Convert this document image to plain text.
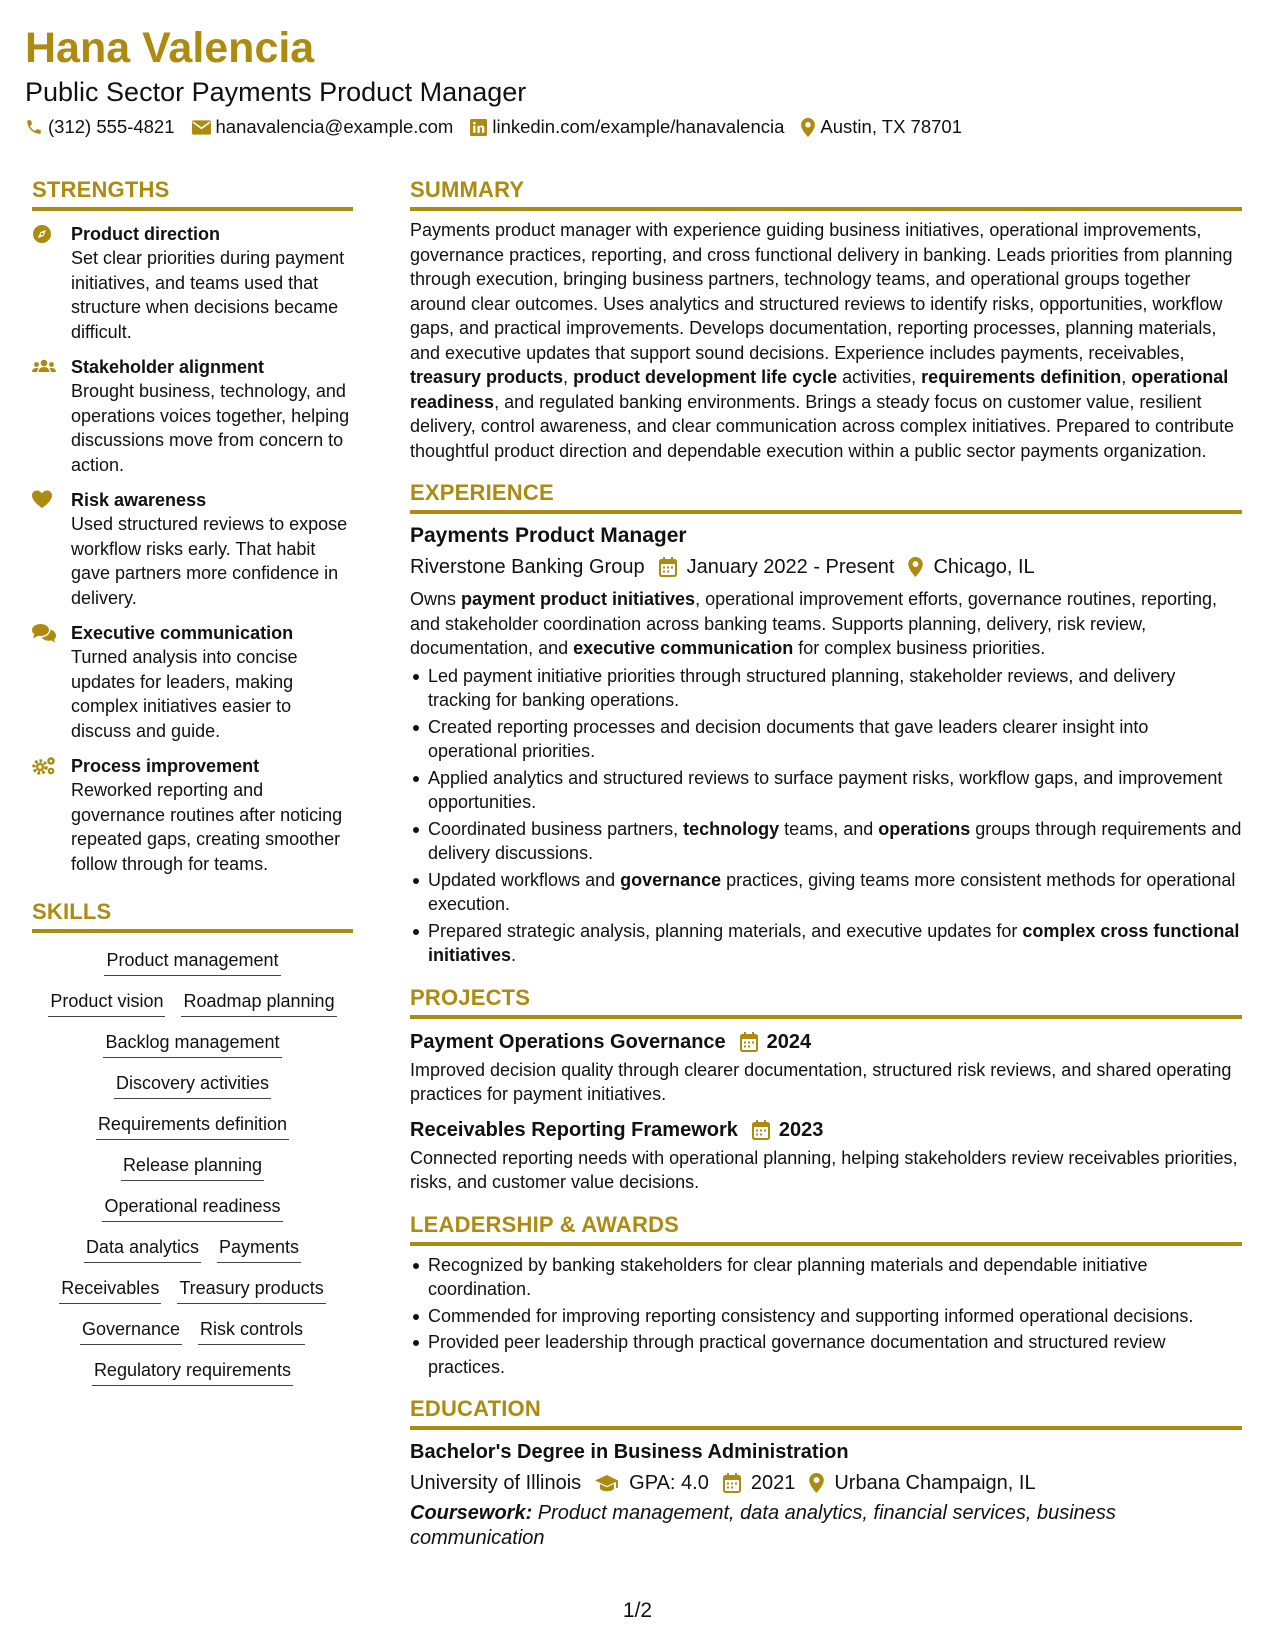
Hana Valencia
Public Sector Payments Product Manager
(312) 555-4821 hanavalencia@example.com linkedin.com/example/hanavalencia Austin, TX 78701
STRENGTHS
Product direction
Set clear priorities during payment initiatives, and teams used that structure when decisions became difficult.
Stakeholder alignment
Brought business, technology, and operations voices together, helping discussions move from concern to action.
Risk awareness
Used structured reviews to expose workflow risks early. That habit gave partners more confidence in delivery.
Executive communication
Turned analysis into concise updates for leaders, making complex initiatives easier to discuss and guide.
Process improvement
Reworked reporting and governance routines after noticing repeated gaps, creating smoother follow through for teams.
SKILLS
Product management
Product vision Roadmap planning
Backlog management
Discovery activities
Requirements definition
Release planning
Operational readiness
Data analytics Payments
Receivables Treasury products
Governance Risk controls
Regulatory requirements
SUMMARY

Payments product manager with experience guiding business initiatives, operational improvements, governance practices, reporting, and cross functional delivery in banking. Leads priorities from planning through execution, bringing business partners, technology teams, and operational groups together around clear outcomes. Uses analytics and structured reviews to identify risks, opportunities, workflow gaps, and practical improvements. Develops documentation, reporting processes, planning materials, and executive updates that support sound decisions. Experience includes payments, receivables, treasury products, product development life cycle activities, requirements definition, operational readiness, and regulated banking environments. Brings a steady focus on customer value, resilient delivery, control awareness, and clear communication across complex initiatives. Prepared to contribute thoughtful product direction and dependable execution within a public sector payments organization.

EXPERIENCE
Payments Product Manager
Riverstone Banking Group January 2022 - Present Chicago, IL

Owns payment product initiatives, operational improvement efforts, governance routines, reporting, and stakeholder coordination across banking teams. Supports planning, delivery, risk review, documentation, and executive communication for complex business priorities.

Led payment initiative priorities through structured planning, stakeholder reviews, and delivery tracking for banking operations.
Created reporting processes and decision documents that gave leaders clearer insight into operational priorities.
Applied analytics and structured reviews to surface payment risks, workflow gaps, and improvement opportunities.
Coordinated business partners, technology teams, and operations groups through requirements and delivery discussions.
Updated workflows and governance practices, giving teams more consistent methods for operational execution.
Prepared strategic analysis, planning materials, and executive updates for complex cross functional initiatives.
PROJECTS
Payment Operations Governance 2024

Improved decision quality through clearer documentation, structured risk reviews, and shared operating practices for payment initiatives.

Receivables Reporting Framework 2023

Connected reporting needs with operational planning, helping stakeholders review receivables priorities, risks, and customer value decisions.

LEADERSHIP & AWARDS
Recognized by banking stakeholders for clear planning materials and dependable initiative coordination.
Commended for improving reporting consistency and supporting informed operational decisions.
Provided peer leadership through practical governance documentation and structured review practices.
EDUCATION
Bachelor's Degree in Business Administration
University of Illinois GPA: 4.0 2021 Urbana Champaign, IL

Coursework: Product management, data analytics, financial services, business communication

1/2
